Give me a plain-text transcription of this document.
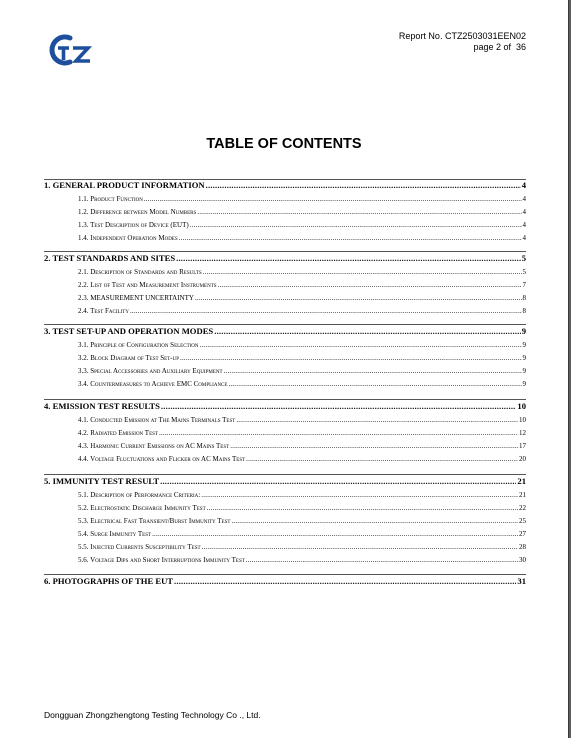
Report No. CTZ2503031EEN02
page 2 of 36
TABLE OF CONTENTS
1. GENERAL PRODUCT INFORMATION .....	4
1.1. Product Function .....	4
1.2. Difference between Model Numbers .....	4
1.3. Test Description of Device (EUT) .....	4
1.4. Independent Operation Modes .....	4
2. TEST STANDARDS AND SITES .....	5
2.1. Description of Standards and Results .....	5
2.2. List of Test and Measurement Instruments .....	7
2.3. MEASUREMENT UNCERTAINTY .....	8
2.4. Test Facility .....	8
3. TEST SET-UP AND OPERATION MODES .....	9
3.1. Principle of Configuration Selection .....	9
3.2. Block Diagram of Test Set-up .....	9
3.3. Special Accessories and Auxiliary Equipment .....	9
3.4. Countermeasures to Achieve EMC Compliance .....	9
4. EMISSION TEST RESULTS .....	10
4.1. Conducted Emission at The Mains Terminals Test .....	10
4.2. Radiated Emission Test .....	12
4.3. Harmonic Current Emissions on AC Mains Test .....	17
4.4. Voltage Fluctuations and Flicker on AC Mains Test .....	20
5. IMMUNITY TEST RESULT .....	21
5.1. Description of Performance Criteria: .....	21
5.2. Electrostatic Discharge Immunity Test .....	22
5.3. Electrical Fast Transient/Burst Immunity Test .....	25
5.4. Surge Immunity Test .....	27
5.5. Injected Currents Susceptibility Test .....	28
5.6. Voltage Dips and Short Interruptions Immunity Test .....	30
6. PHOTOGRAPHS OF THE EUT .....	31
Dongguan Zhongzhengtong Testing Technology Co ., Ltd.
